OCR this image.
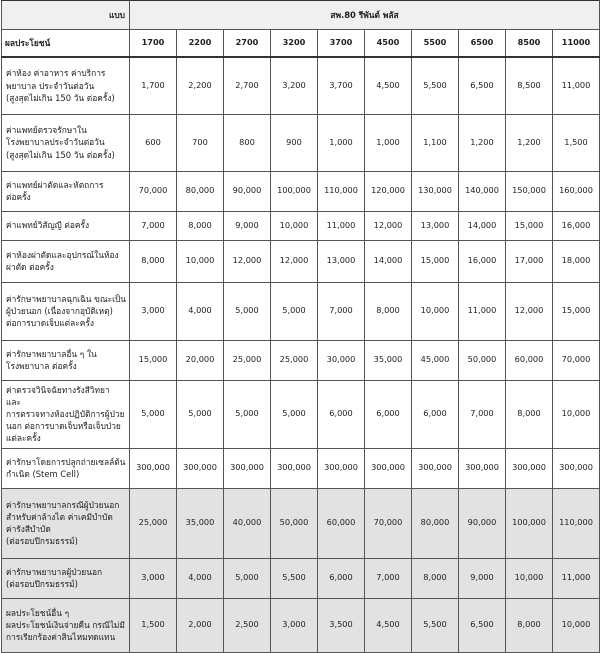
แบบ	สพ.80 รีพันต์ พลัส									
ผลประโยชน์	1700	2200	2700	3200	3700	4500	5500	6500	8500	11000

ค่าห้อง ค่าอาหาร ค่าบริการ
พยาบาล ประจำวันต่อวัน
(สูงสุดไม่เกิน 150 วัน ต่อครั้ง)	1,700	2,200	2,700	3,200	3,700	4,500	5,500	6,500	8,500	11,000

ค่าแพทย์ตรวจรักษาใน
โรงพยาบาลประจำวันต่อวัน
(สูงสุดไม่เกิน 150 วัน ต่อครั้ง)	600	700	800	900	1,000	1,000	1,100	1,200	1,200	1,500

ค่าแพทย์ผ่าตัดและหัตถการ
ต่อครั้ง	70,000	80,000	90,000	100,000	110,000	120,000	130,000	140,000	150,000	160,000

ค่าแพทย์วิสัญญี ต่อครั้ง	7,000	8,000	9,000	10,000	11,000	12,000	13,000	14,000	15,000	16,000

ค่าห้องผ่าตัดและอุปกรณ์ในห้อง
ผ่าตัด ต่อครั้ง	8,000	10,000	12,000	12,000	13,000	14,000	15,000	16,000	17,000	18,000

ค่ารักษาพยาบาลฉุกเฉิน ขณะเป็น
ผู้ป่วยนอก (เนื่องจากอุบัติเหตุ)
ต่อการบาดเจ็บแต่ละครั้ง	3,000	4,000	5,000	5,000	7,000	8,000	10,000	11,000	12,000	15,000

ค่ารักษาพยาบาลอื่น ๆ ใน
โรงพยาบาล ต่อครั้ง	15,000	20,000	25,000	25,000	30,000	35,000	45,000	50,000	60,000	70,000

ค่าตรวจวินิจฉัยทางรังสีวิทยา และ
การตรวจทางห้องปฏิบัติการผู้ป่วย
นอก ต่อการบาดเจ็บหรือเจ็บป่วย
แต่ละครั้ง	5,000	5,000	5,000	5,000	6,000	6,000	6,000	7,000	8,000	10,000

ค่ารักษาโดยการปลูกถ่ายเซลล์ต้น
กำเนิด (Stem Cell)	300,000	300,000	300,000	300,000	300,000	300,000	300,000	300,000	300,000	300,000

ค่ารักษาพยาบาลกรณีผู้ป่วยนอก
สำหรับค่าล้างไต ค่าเคมีบำบัด
ค่ารังสีบำบัด
(ต่อรอบปีกรมธรรม์)	25,000	35,000	40,000	50,000	60,000	70,000	80,000	90,000	100,000	110,000

ค่ารักษาพยาบาลผู้ป่วยนอก
(ต่อรอบปีกรมธรรม์)	3,000	4,000	5,000	5,500	6,000	7,000	8,000	9,000	10,000	11,000

ผลประโยชน์อื่น ๆ
ผลประโยชน์เงินจ่ายคืน กรณีไม่มี
การเรียกร้องค่าสินไหมทดแทน	1,500	2,000	2,500	3,000	3,500	4,500	5,500	6,500	8,000	10,000
